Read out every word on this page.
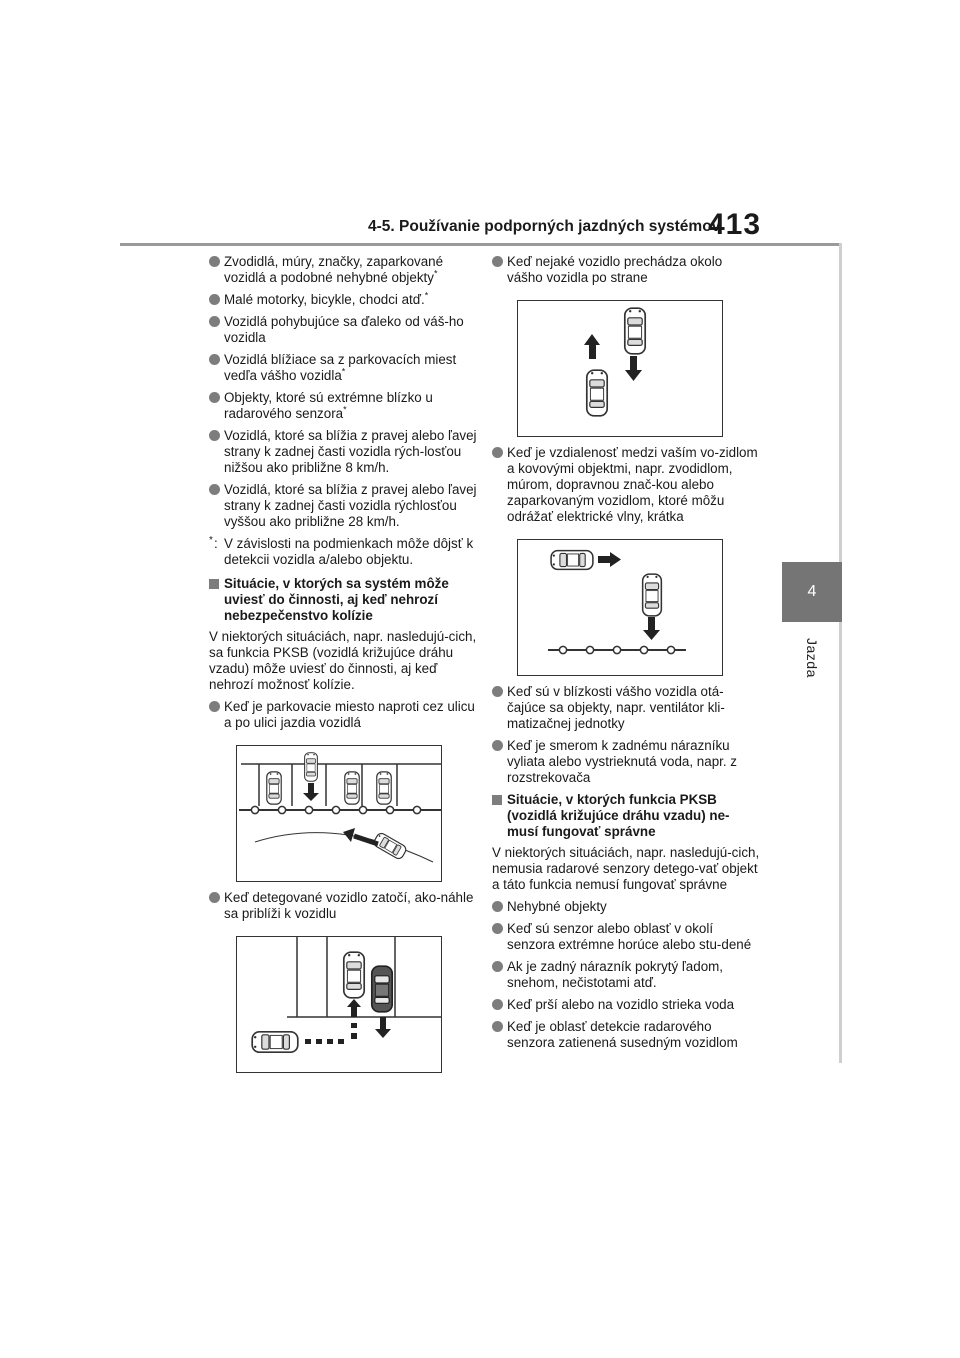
4-5. Používanie podporných jazdných systémov
413
4
Jazda
Zvodidlá, múry, značky, zaparkované vozidlá a podobné nehybné objekty*
Malé motorky, bicykle, chodci atď.*
Vozidlá pohybujúce sa ďaleko od váš-ho vozidla
Vozidlá blížiace sa z parkovacích miest vedľa vášho vozidla*
Objekty, ktoré sú extrémne blízko u radarového senzora*
Vozidlá, ktoré sa blížia z pravej alebo ľavej strany k zadnej časti vozidla rých-losťou nižšou ako približne 8 km/h.
Vozidlá, ktoré sa blížia z pravej alebo ľavej strany k zadnej časti vozidla rýchlosťou vyššou ako približne 28 km/h.
* : V závislosti na podmienkach môže dôjsť k detekcii vozidla a/alebo objektu.
Situácie, v ktorých sa systém môže uviesť do činnosti, aj keď nehrozí nebezpečenstvo kolízie
V niektorých situáciách, napr. nasledujú-cich, sa funkcia PKSB (vozidlá križujúce dráhu vzadu) môže uviesť do činnosti, aj keď nehrozí možnosť kolízie.
Keď je parkovacie miesto naproti cez ulicu a po ulici jazdia vozidlá
Keď detegované vozidlo zatočí, ako-náhle sa priblíži k vozidlu
Keď nejaké vozidlo prechádza okolo vášho vozidla po strane
Keď je vzdialenosť medzi vaším vo-zidlom a kovovými objektmi, napr. zvodidlom, múrom, dopravnou znač-kou alebo zaparkovaným vozidlom, ktoré môžu odrážať elektrické vlny, krátka
Keď sú v blízkosti vášho vozidla otá-čajúce sa objekty, napr. ventilátor kli-matizačnej jednotky
Keď je smerom k zadnému nárazníku vyliata alebo vystrieknutá voda, napr. z rozstrekovača
Situácie, v ktorých funkcia PKSB (vozidlá križujúce dráhu vzadu) ne-musí fungovať správne
V niektorých situáciách, napr. nasledujú-cich, nemusia radarové senzory detego-vať objekt a táto funkcia nemusí fungovať správne
Nehybné objekty
Keď sú senzor alebo oblasť v okolí senzora extrémne horúce alebo stu-dené
Ak je zadný nárazník pokrytý ľadom, snehom, nečistotami atď.
Keď prší alebo na vozidlo strieka voda
Keď je oblasť detekcie radarového senzora zatienená susedným vozidlom
